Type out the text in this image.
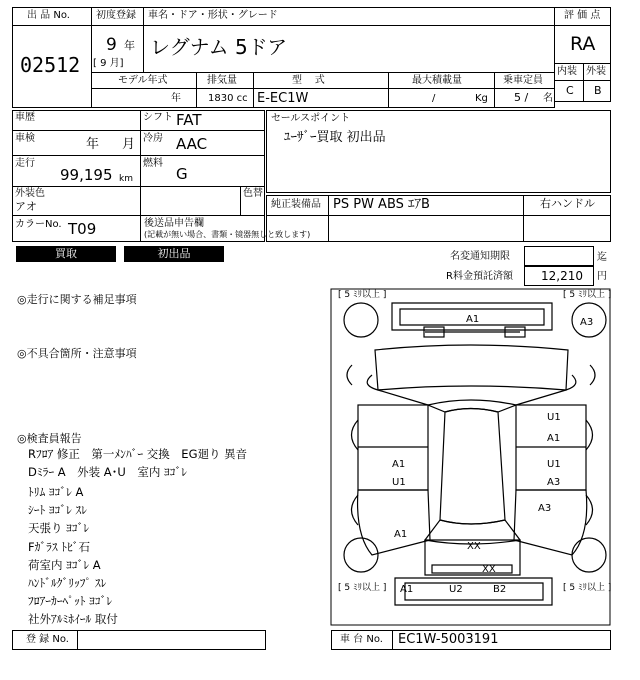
出 品 No.
02512
初度登録 車名・ドア・形状・グレード
9 年
[ 9 月]
レグナム 5ドア
評 価 点
RA
内装 外装
C B
モデル年式	排気量	型    式	最大積載量	乗車定員
年	1830 cc E-EC1W	/	Kg 5 / 名
車歴	シフト FAT
車検	年 月 冷房 AAC
走行
99,195 km
燃料
G
外装色
アオ
色替
カラーNo. T09	後送品申告欄
(記載が無い場合、書類・镜器無しと致します)
セールスポイント
ﾕｰｻﾞｰ買取 初出品
純正装備品 PS PW ABS ｴｱB	右ハンドル
買取	初出品	名変通知期限	迄
R料金預託済額 12,210 円
◎走行に関する補足事項
◎不具合箇所・注意事項
◎検査員報告
Rﾌﾛｱ 修正　第一ﾒﾝﾊﾞｰ 交換　EG廻り 異音
Dﾐﾗｰ A　外装 A･U　室内 ﾖｺﾞﾚ
ﾄﾘﾑ ﾖｺﾞﾚ A
ｼｰﾄ ﾖｺﾞﾚ ｽﾚ
天張り ﾖｺﾞﾚ
Fｶﾞﾗｽ ﾄﾋﾞ石
荷室内 ﾖｺﾞﾚ A
ﾊﾝﾄﾞﾙｸﾞﾘｯﾌﾟ ｽﾚ
ﾌﾛｱｰｶｰﾍﾟｯﾄ ﾖｺﾞﾚ
社外ｱﾙﾐﾎｲｰﾙ 取付
[ 5 ﾐﾘ以上 ]	[ 5 ﾐﾘ以上 ]
[ 5 ﾐﾘ以上 ]	[ 5 ﾐﾘ以上 ]
A1	A3
U1
A1
A1
U1
U1
A3
A3
A1
XX
XX
A1	U2	B2
登 録 No.	車 台 No. EC1W-5003191
